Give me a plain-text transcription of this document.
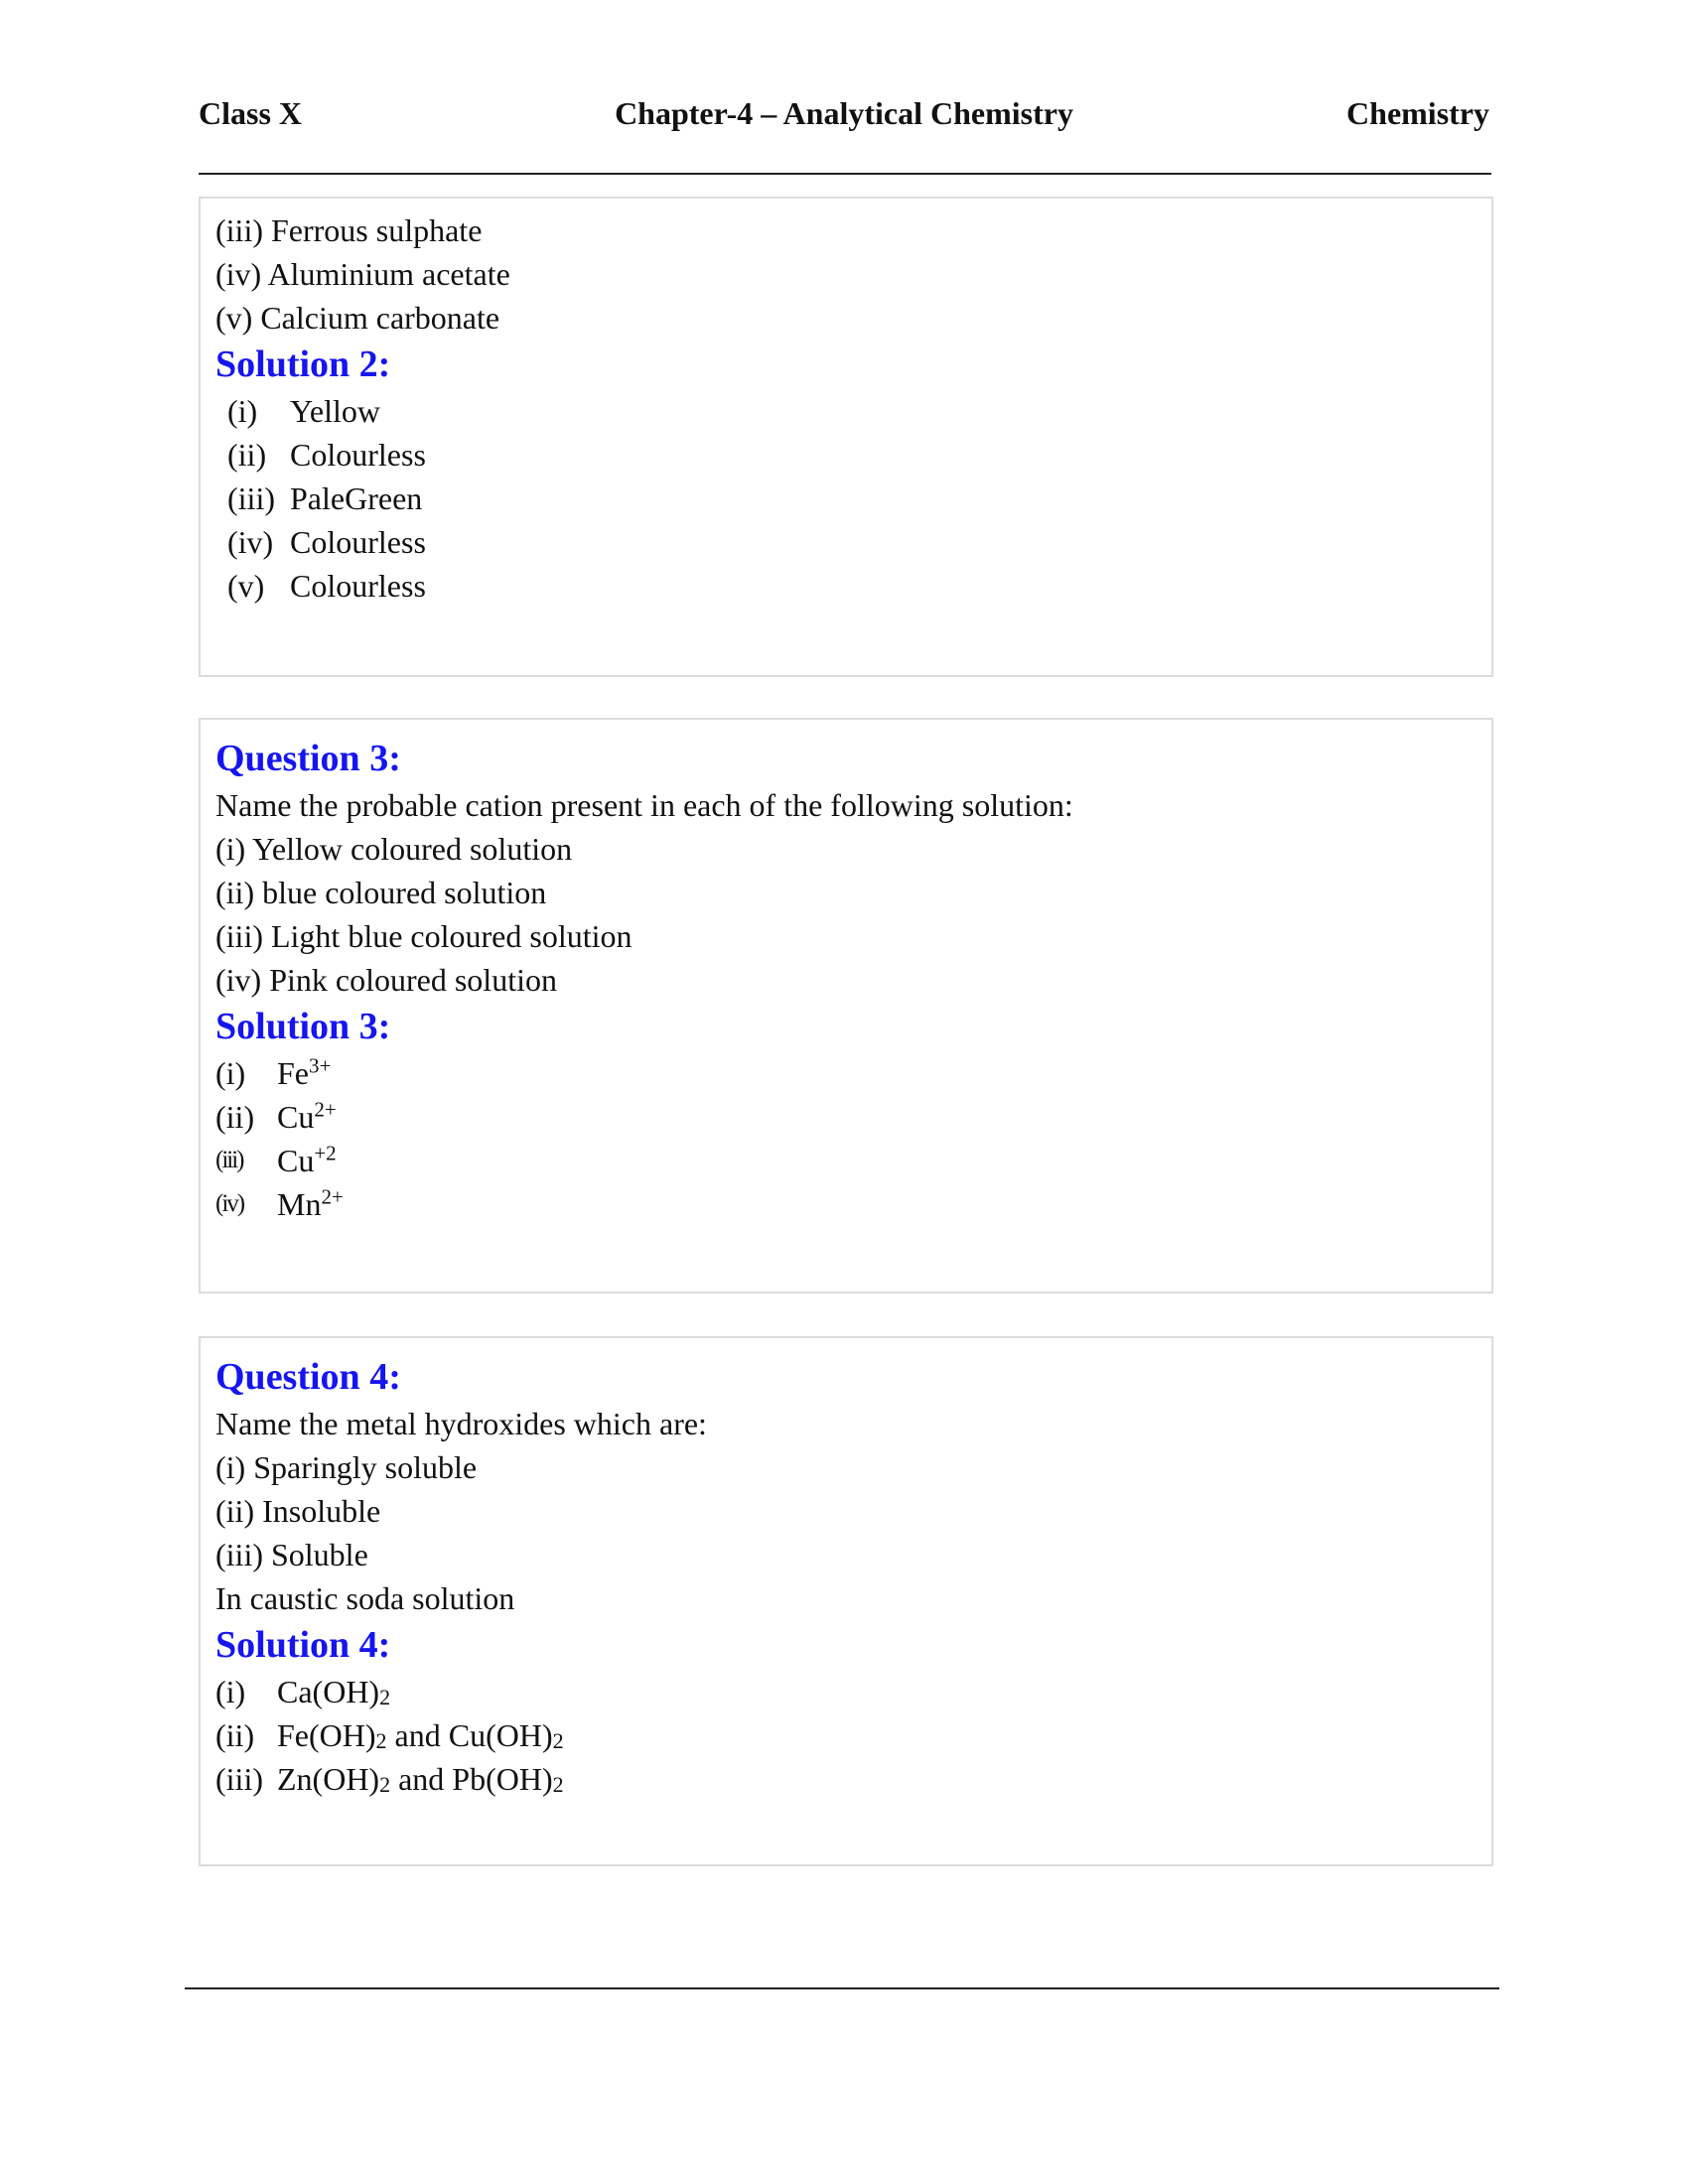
Chapter-4 – Analytical Chemistry
Class X	Chemistry
(iii) Ferrous sulphate
(iv) Aluminium acetate
(v) Calcium carbonate
Solution 2:
(i)	Yellow
(ii) Colourless
(iii) PaleGreen
(iv) Colourless
(v) Colourless
Question 3:
Name the probable cation present in each of the following solution:
(i) Yellow coloured solution
(ii) blue coloured solution
(iii) Light blue coloured solution
(iv) Pink coloured solution
Solution 3:
(i) $Fe^{3+}$
(ii) $Cu^{2+}$
(iii)	$Cu^{+2}$
(iv)	$Mn^{2+}$
Question 4:
Name the metal hydroxides which are:
(i) Sparingly soluble
(ii) Insoluble
(iii) Soluble
In caustic soda solution
Solution 4:
(i) $Ca(OH)_2$
(ii) $Fe(OH)_2$ and $Cu(OH)_2$
(iii) $Zn(OH)_2$ and $Pb(OH)_2$
